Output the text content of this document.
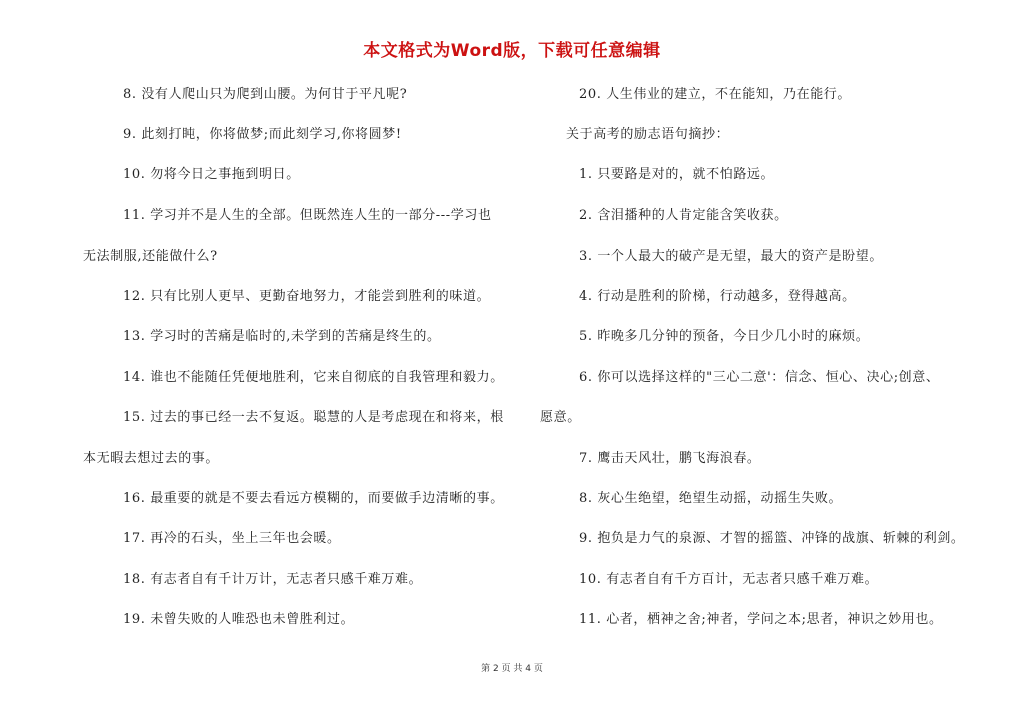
本文格式为Word版，下载可任意编辑
8. 没有人爬山只为爬到山腰。为何甘于平凡呢?
9. 此刻打盹，你将做梦;而此刻学习,你将圆梦!
10. 勿将今日之事拖到明日。
11. 学习并不是人生的全部。但既然连人生的一部分---学习也
无法制服,还能做什么?
12. 只有比别人更早、更勤奋地努力，才能尝到胜利的味道。
13. 学习时的苦痛是临时的,未学到的苦痛是终生的。
14. 谁也不能随任凭便地胜利，它来自彻底的自我管理和毅力。
15. 过去的事已经一去不复返。聪慧的人是考虑现在和将来，根
本无暇去想过去的事。
16. 最重要的就是不要去看远方模糊的，而要做手边清晰的事。
17. 再冷的石头，坐上三年也会暖。
18. 有志者自有千计万计，无志者只感千难万难。
19. 未曾失败的人唯恐也未曾胜利过。
20. 人生伟业的建立，不在能知，乃在能行。
关于高考的励志语句摘抄：
1. 只要路是对的，就不怕路远。
2. 含泪播种的人肯定能含笑收获。
3. 一个人最大的破产是无望，最大的资产是盼望。
4. 行动是胜利的阶梯，行动越多，登得越高。
5. 昨晚多几分钟的预备，今日少几小时的麻烦。
6. 你可以选择这样的"三心二意'：信念、恒心、决心;创意、
愿意。
7. 鹰击天风壮，鹏飞海浪春。
8. 灰心生绝望，绝望生动摇，动摇生失败。
9. 抱负是力气的泉源、才智的摇篮、冲锋的战旗、斩棘的利剑。
10. 有志者自有千方百计，无志者只感千难万难。
11. 心者，栖神之舍;神者，学问之本;思者，神识之妙用也。
第 2 页 共 4 页
